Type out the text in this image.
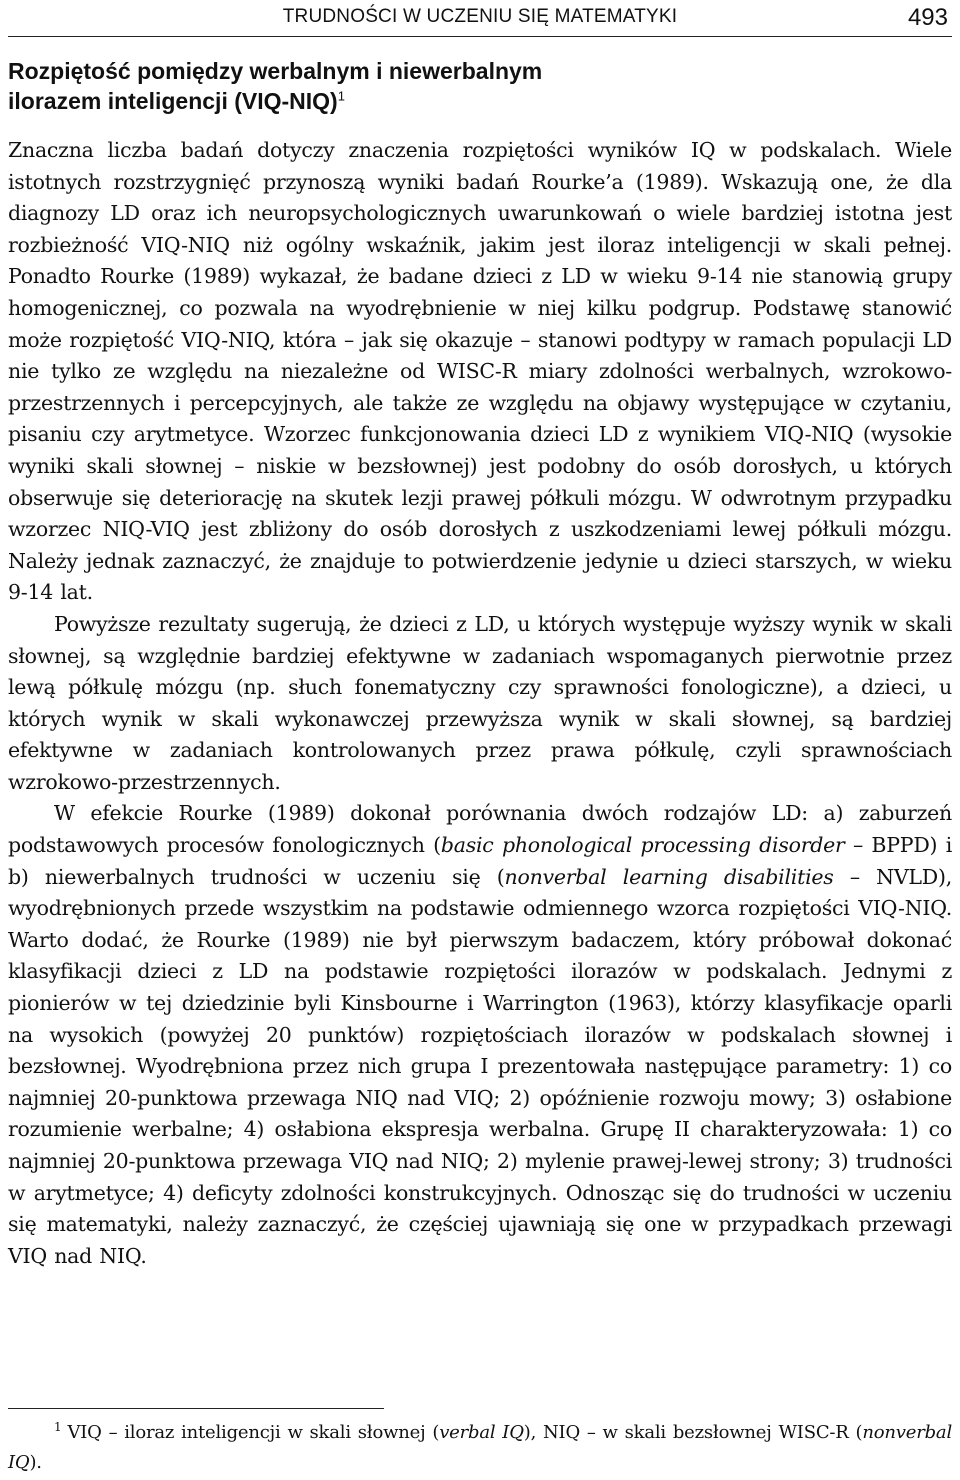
TRUDNOŚCI W UCZENIU SIĘ MATEMATYKI	493
Rozpiętość pomiędzy werbalnym i niewerbalnym
ilorazem inteligencji $(VIQ-NIQ)^1$

Znaczna liczba badań dotyczy znaczenia rozpiętości wyników IQ w podskalach. Wiele istotnych rozstrzygnięć przynoszą wyniki badań Rourke’a (1989). Wskazują one, że dla diagnozy LD oraz ich neuropsychologicznych uwarunkowań o wiele bardziej istotna jest rozbieżność VIQ-NIQ niż ogólny wskaźnik, jakim jest iloraz inteligencji w skali pełnej. Ponadto Rourke (1989) wykazał, że badane dzieci z LD w wieku 9-14 nie stanowią grupy homogenicznej, co pozwala na wyodrębnienie w niej kilku podgrup. Podstawę stanowić może rozpiętość VIQ-NIQ, która – jak się okazuje – stanowi podtypy w ramach populacji LD nie tylko ze względu na niezależne od WISC-R miary zdolności werbalnych, wzrokowo-przestrzennych i percepcyjnych, ale także ze względu na objawy występujące w czytaniu, pisaniu czy arytmetyce. Wzorzec funkcjonowania dzieci LD z wynikiem VIQ-NIQ (wysokie wyniki skali słownej – niskie w bezsłownej) jest podobny do osób dorosłych, u których obserwuje się deteriorację na skutek lezji prawej półkuli mózgu. W odwrotnym przypadku wzorzec NIQ-VIQ jest zbliżony do osób dorosłych z uszkodzeniami lewej półkuli mózgu. Należy jednak zaznaczyć, że znajduje to potwierdzenie jedynie u dzieci starszych, w wieku 9-14 lat.

Powyższe rezultaty sugerują, że dzieci z LD, u których występuje wyższy wynik w skali słownej, są względnie bardziej efektywne w zadaniach wspomaganych pierwotnie przez lewą półkulę mózgu (np. słuch fonematyczny czy sprawności fonologiczne), a dzieci, u których wynik w skali wykonawczej przewyższa wynik w skali słownej, są bardziej efektywne w zadaniach kontrolowanych przez prawa półkulę, czyli sprawnościach wzrokowo-przestrzennych.

W efekcie Rourke (1989) dokonał porównania dwóch rodzajów LD: a) zaburzeń podstawowych procesów fonologicznych (basic phonological processing disorder – BPPD) i b) niewerbalnych trudności w uczeniu się (nonverbal learning disabilities – NVLD), wyodrębnionych przede wszystkim na podstawie odmiennego wzorca rozpiętości VIQ-NIQ. Warto dodać, że Rourke (1989) nie był pierwszym badaczem, który próbował dokonać klasyfikacji dzieci z LD na podstawie rozpiętości ilorazów w podskalach. Jednymi z pionierów w tej dziedzinie byli Kinsbourne i Warrington (1963), którzy klasyfikacje oparli na wysokich (powyżej 20 punktów) rozpiętościach ilorazów w podskalach słownej i bezsłownej. Wyodrębniona przez nich grupa I prezentowała następujące parametry: 1) co najmniej 20-punktowa przewaga NIQ nad VIQ; 2) opóźnienie rozwoju mowy; 3) osłabione rozumienie werbalne; 4) osłabiona ekspresja werbalna. Grupę II charakteryzowała: 1) co najmniej 20-punktowa przewaga VIQ nad NIQ; 2) mylenie prawej-lewej strony; 3) trudności w arytmetyce; 4) deficyty zdolności konstrukcyjnych. Odnosząc się do trudności w uczeniu się matematyki, należy zaznaczyć, że częściej ujawniają się one w przypadkach przewagi VIQ nad NIQ.

$^1$ VIQ – iloraz inteligencji w skali słownej (verbal IQ), NIQ – w skali bezsłownej WISC-R (nonverbal IQ).
